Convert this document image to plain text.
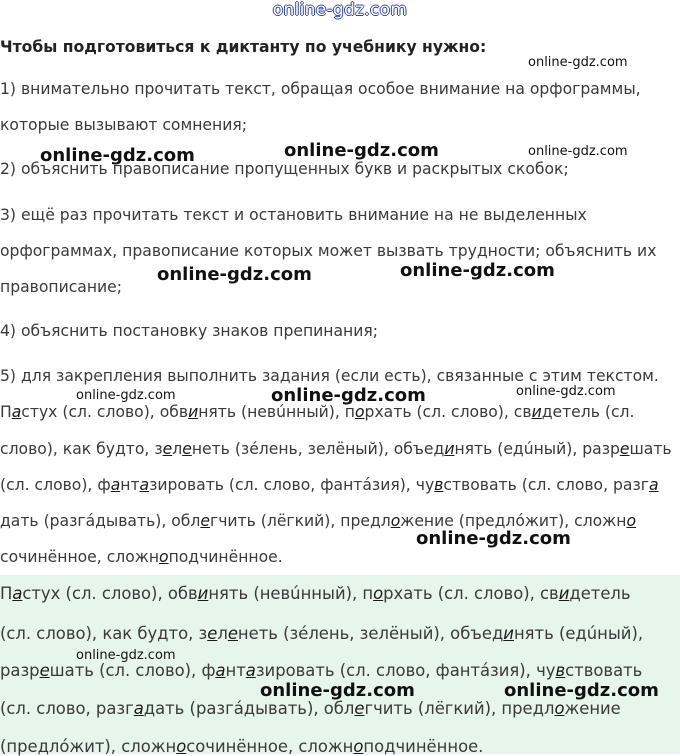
online-gdz.com
Чтобы подготовиться к диктанту по учебнику нужно:
1) внимательно прочитать текст, обращая особое внимание на орфограммы,
которые вызывают сомнения;
2) объяснить правописание пропущенных букв и раскрытых скобок;
3) ещё раз прочитать текст и остановить внимание на не выделенных
орфограммах, правописание которых может вызвать трудности; объяснить их
правописание;
4) объяснить постановку знаков препинания;
5) для закрепления выполнить задания (если есть), связанные с этим текстом.
Пастух (сл. слово), обвинять (невúнный), порхать (сл. слово), свидетель (сл.
слово), как будто, зеленеть (зéлень, зелёный), объединять (едúный), разрешать
(сл. слово), фантазировать (сл. слово, фантáзия), чувствовать (сл. слово, разга
дать (разгáдывать), облегчить (лёгкий), предложение (предлóжит), сложно
сочинённое, сложноподчинённое.
Пастух (сл. слово), обвинять (невúнный), порхать (сл. слово), свидетель
(сл. слово), как будто, зеленеть (зéлень, зелёный), объединять (едúный),
разрешать (сл. слово), фантазировать (сл. слово, фантáзия), чувствовать
(сл. слово, разгадать (разгáдывать), облегчить (лёгкий), предложение
(предлóжит), сложносочинённое, сложноподчинённое.
online-gdz.com
online-gdz.com	online-gdz.com	online-gdz.com
online-gdz.com	online-gdz.com
online-gdz.com	online-gdz.com	online-gdz.com
online-gdz.com
online-gdz.com
online-gdz.com	online-gdz.com
